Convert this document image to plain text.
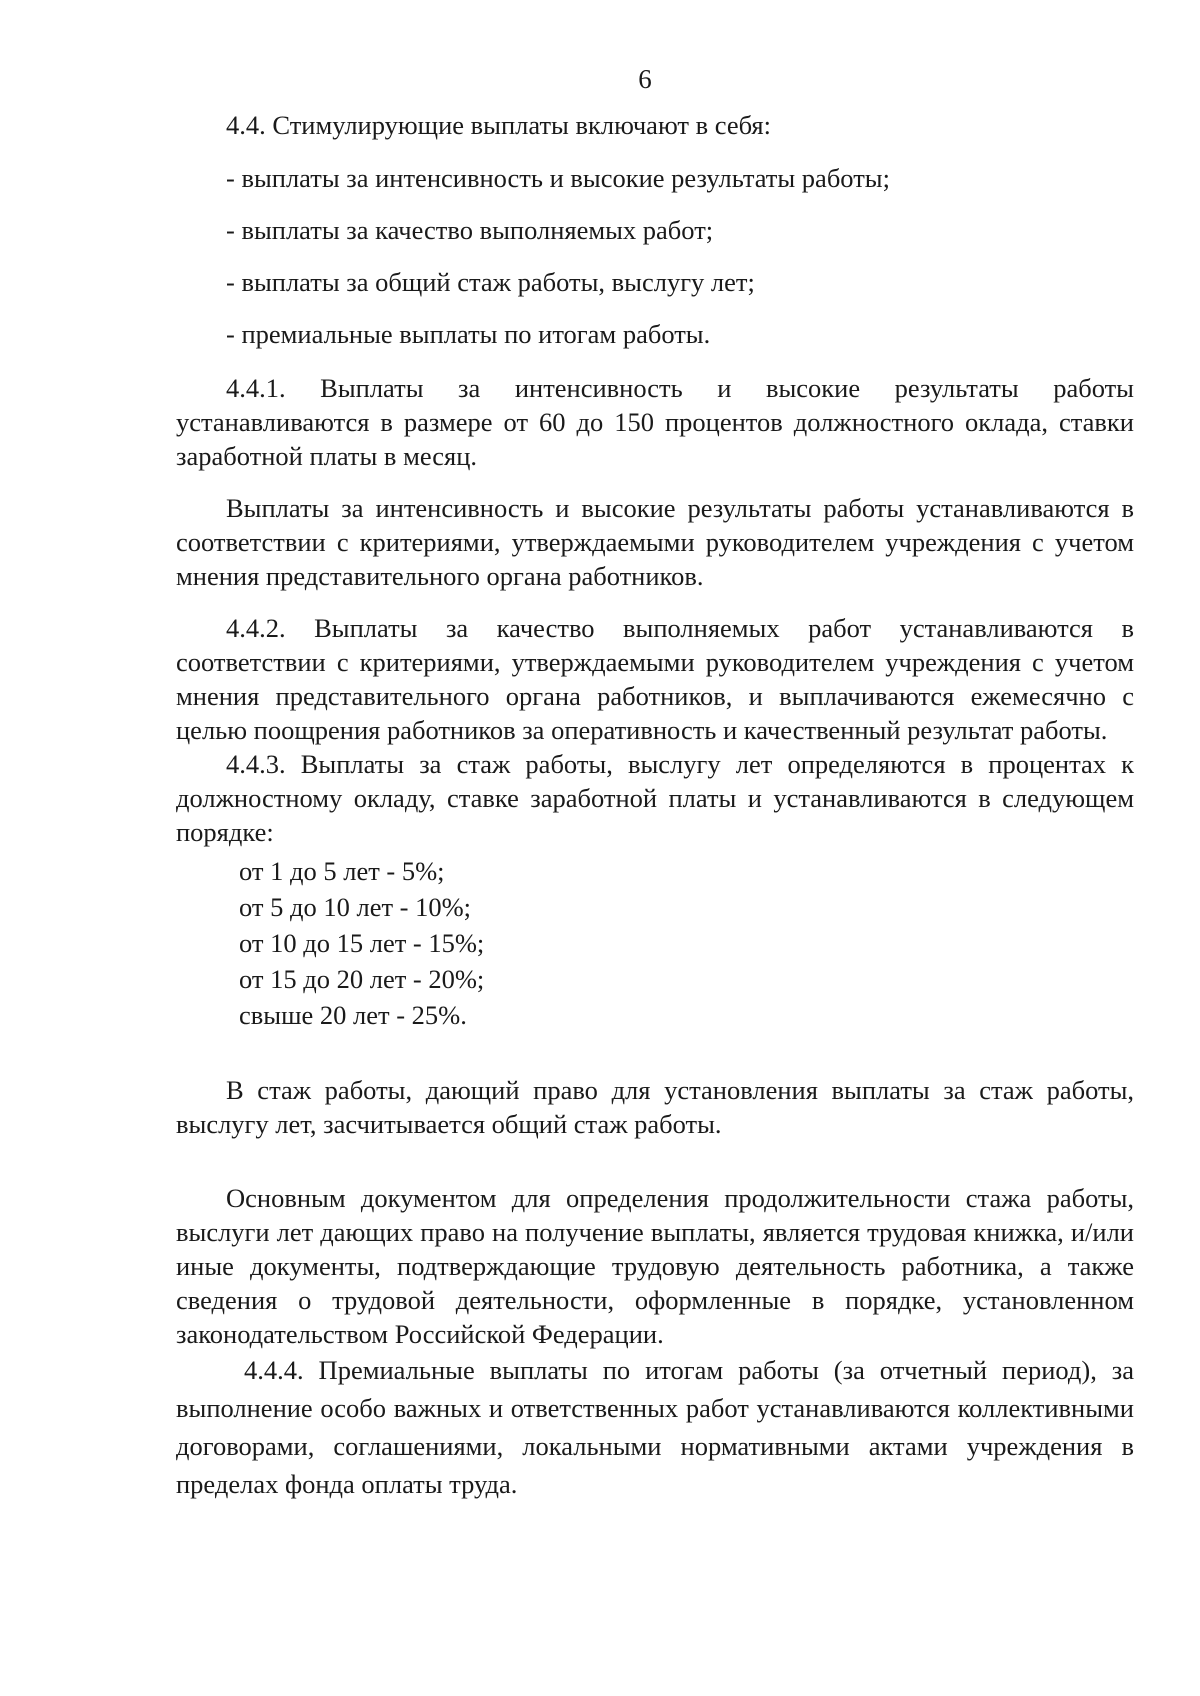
6

4.4. Стимулирующие выплаты включают в себя:

- выплаты за интенсивность и высокие результаты работы;

- выплаты за качество выполняемых работ;

- выплаты за общий стаж работы, выслугу лет;

- премиальные выплаты по итогам работы.

4.4.1. Выплаты за интенсивность и высокие результаты работы устанавливаются в размере от 60 до 150 процентов должностного оклада, ставки заработной платы в месяц.

Выплаты за интенсивность и высокие результаты работы устанавливаются в соответствии с критериями, утверждаемыми руководителем учреждения с учетом мнения представительного органа работников.

4.4.2. Выплаты за качество выполняемых работ устанавливаются в соответствии с критериями, утверждаемыми руководителем учреждения с учетом мнения представительного органа работников, и выплачиваются ежемесячно с целью поощрения работников за оперативность и качественный результат работы.

4.4.3. Выплаты за стаж работы, выслугу лет определяются в процентах к должностному окладу, ставке заработной платы и устанавливаются в следующем порядке:

от 1 до 5 лет - 5%;

от 5 до 10 лет - 10%;

от 10 до 15 лет - 15%;

от 15 до 20 лет - 20%;

свыше 20 лет - 25%.

В стаж работы, дающий право для установления выплаты за стаж работы, выслугу лет, засчитывается общий стаж работы.

Основным документом для определения продолжительности стажа работы, выслуги лет дающих право на получение выплаты, является трудовая книжка, и/или иные документы, подтверждающие трудовую деятельность работника, а также сведения о трудовой деятельности, оформленные в порядке, установленном законодательством Российской Федерации.

4.4.4. Премиальные выплаты по итогам работы (за отчетный период), за выполнение особо важных и ответственных работ устанавливаются коллективными договорами, соглашениями, локальными нормативными актами учреждения в пределах фонда оплаты труда.
